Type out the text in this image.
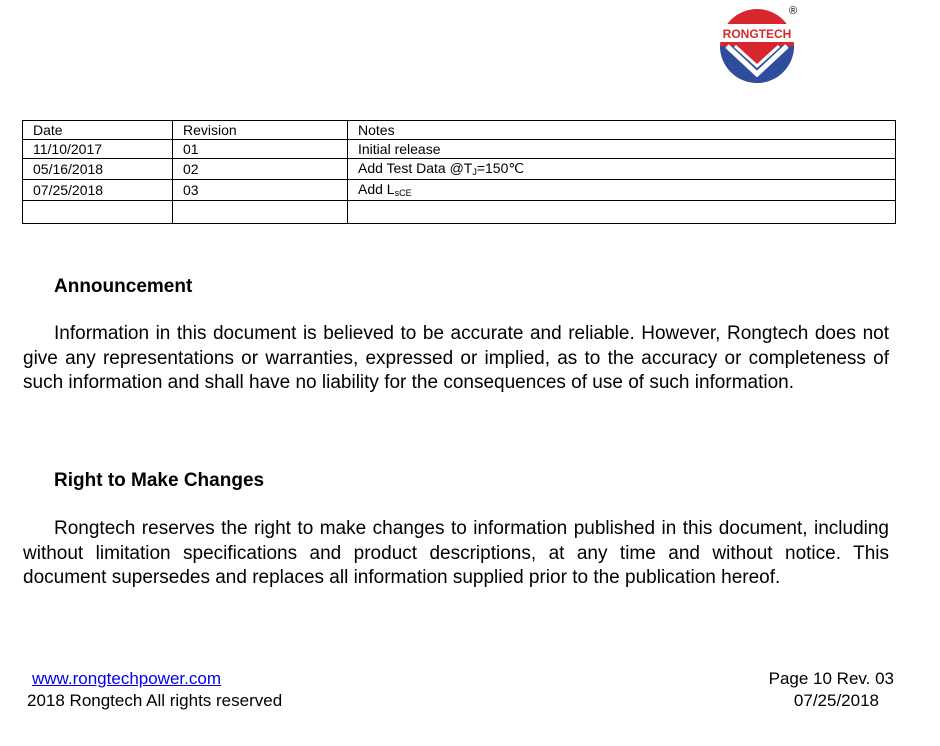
RONGTECH
®
Date	Revision	Notes
11/10/2017	01	Initial release
05/16/2018	02	Add Test Data @TJ=150℃
07/25/2018	03	Add LsCE

Announcement

Information in this document is believed to be accurate and reliable. However, Rongtech does not give any representations or warranties, expressed or implied, as to the accuracy or completeness of such information and shall have no liability for the consequences of use of such information.

Right to Make Changes

Rongtech reserves the right to make changes to information published in this document, including without limitation specifications and product descriptions, at any time and without notice. This document supersedes and replaces all information supplied prior to the publication hereof.

www.rongtechpower.com
2018 Rongtech All rights reserved
Page 10 Rev. 03
07/25/2018
